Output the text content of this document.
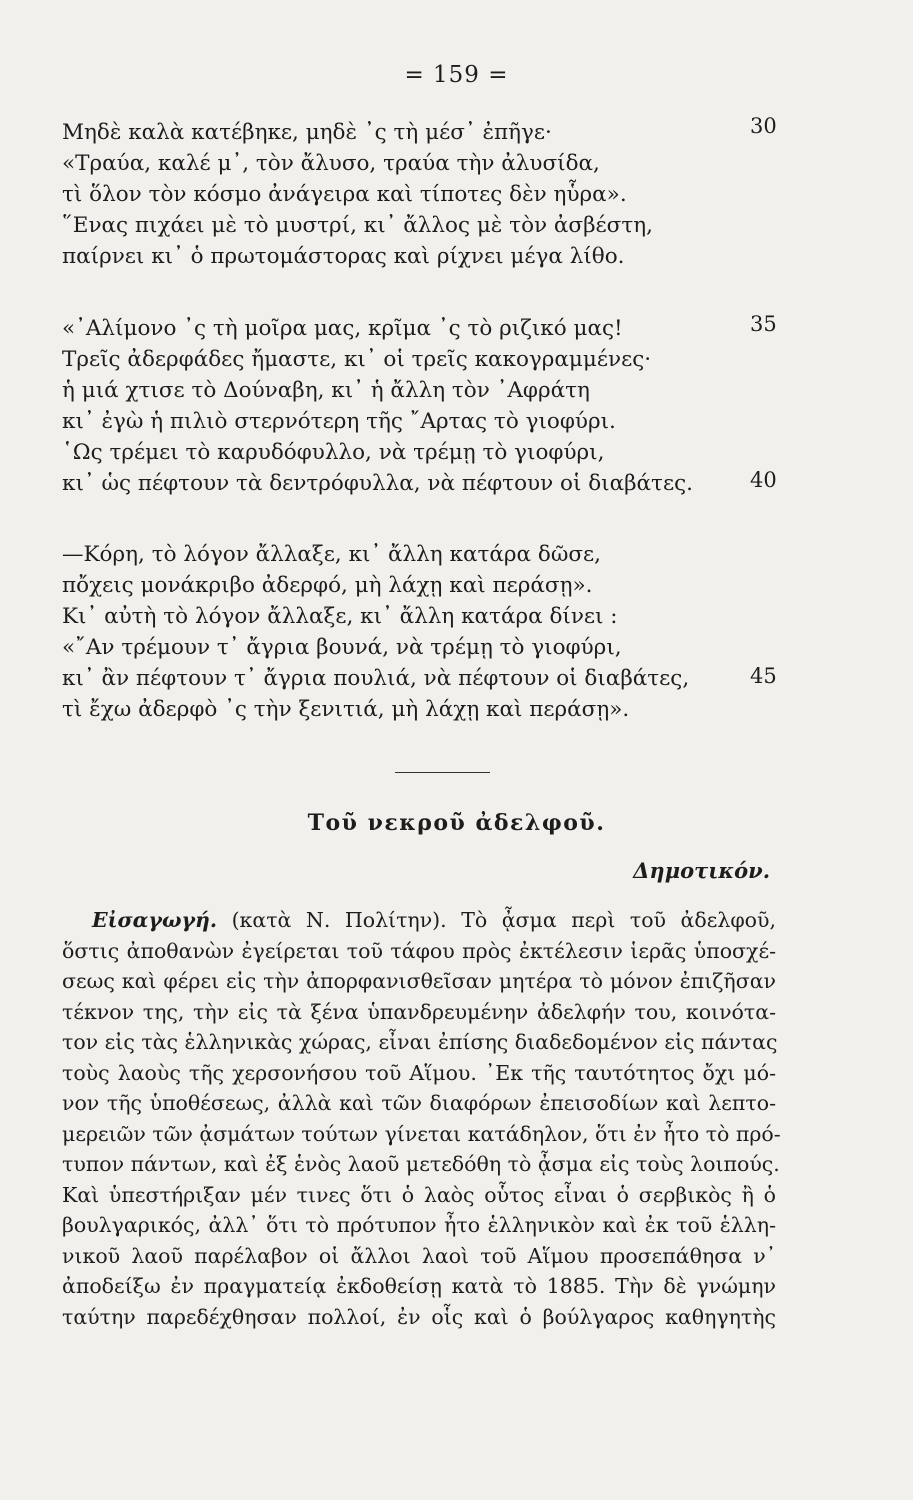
= 159 =
Μηδὲ καλὰ κατέβηκε, μηδὲ ᾿ς τὴ μέσ᾿ ἐπῆγε·
«Τραύα, καλέ μ᾿, τὸν ἄλυσο, τραύα τὴν ἀλυσίδα,
τὶ ὅλον τὸν κόσμο ἀνάγειρα καὶ τίποτες δὲν ηὗρα».
῞Ενας πιχάει μὲ τὸ μυστρί, κι᾿ ἄλλος μὲ τὸν ἀσβέστη,
παίρνει κι᾿ ὁ πρωτομάστορας καὶ ρίχνει μέγα λίθο.
30
«᾿Αλίμονο ᾿ς τὴ μοῖρα μας, κρῖμα ᾿ς τὸ ριζικό μας!
Τρεῖς ἀδερφάδες ἤμαστε, κι᾿ οἱ τρεῖς κακογραμμένες·
ἡ μιά χτισε τὸ Δούναβη, κι᾿ ἡ ἄλλη τὸν ᾿Αφράτη
κι᾿ ἐγὼ ἡ πιλιὸ στερνότερη τῆς ῎Αρτας τὸ γιοφύρι.
῾Ως τρέμει τὸ καρυδόφυλλο, νὰ τρέμῃ τὸ γιοφύρι,
κι᾿ ὡς πέφτουν τὰ δεντρόφυλλα, νὰ πέφτουν οἱ διαβάτες.
35
40
—Κόρη, τὸ λόγον ἄλλαξε, κι᾿ ἄλλη κατάρα δῶσε,
πὄχεις μονάκριβο ἀδερφό, μὴ λάχῃ καὶ περάσῃ».
Κι᾿ αὐτὴ τὸ λόγον ἄλλαξε, κι᾿ ἄλλη κατάρα δίνει :
«῎Αν τρέμουν τ᾿ ἄγρια βουνά, νὰ τρέμῃ τὸ γιοφύρι,
κι᾿ ἂν πέφτουν τ᾿ ἄγρια πουλιά, νὰ πέφτουν οἱ διαβάτες,
τὶ ἔχω ἀδερφὸ ᾿ς τὴν ξενιτιά, μὴ λάχῃ καὶ περάσῃ».
45
Τοῦ νεκροῦ ἀδελφοῦ.
Δημοτικόν.
Εἰσαγωγή. (κατὰ Ν. Πολίτην). Τὸ ᾆσμα περὶ τοῦ ἀδελφοῦ,
ὅστις ἀποθανὼν ἐγείρεται τοῦ τάφου πρὸς ἐκτέλεσιν ἱερᾶς ὑποσχέ-
σεως καὶ φέρει εἰς τὴν ἀπορφανισθεῖσαν μητέρα τὸ μόνον ἐπιζῆσαν
τέκνον της, τὴν εἰς τὰ ξένα ὑπανδρευμένην ἀδελφήν του, κοινότα-
τον εἰς τὰς ἑλληνικὰς χώρας, εἶναι ἐπίσης διαδεδομένον εἰς πάντας
τοὺς λαοὺς τῆς χερσονήσου τοῦ Αἵμου. ᾿Εκ τῆς ταυτότητος ὄχι μό-
νον τῆς ὑποθέσεως, ἀλλὰ καὶ τῶν διαφόρων ἐπεισοδίων καὶ λεπτο-
μερειῶν τῶν ᾀσμάτων τούτων γίνεται κατάδηλον, ὅτι ἐν ἦτο τὸ πρό-
τυπον πάντων, καὶ ἐξ ἑνὸς λαοῦ μετεδόθη τὸ ᾆσμα εἰς τοὺς λοιπούς.
Καὶ ὑπεστήριξαν μέν τινες ὅτι ὁ λαὸς οὗτος εἶναι ὁ σερβικὸς ἢ ὁ
βουλγαρικός, ἀλλ᾿ ὅτι τὸ πρότυπον ἦτο ἑλληνικὸν καὶ ἐκ τοῦ ἑλλη-
νικοῦ λαοῦ παρέλαβον οἱ ἄλλοι λαοὶ τοῦ Αἵμου προσεπάθησα ν᾿
ἀποδείξω ἐν πραγματείᾳ ἐκδοθείσῃ κατὰ τὸ 1885. Τὴν δὲ γνώμην
ταύτην παρεδέχθησαν πολλοί, ἐν οἷς καὶ ὁ βούλγαρος καθηγητὴς
